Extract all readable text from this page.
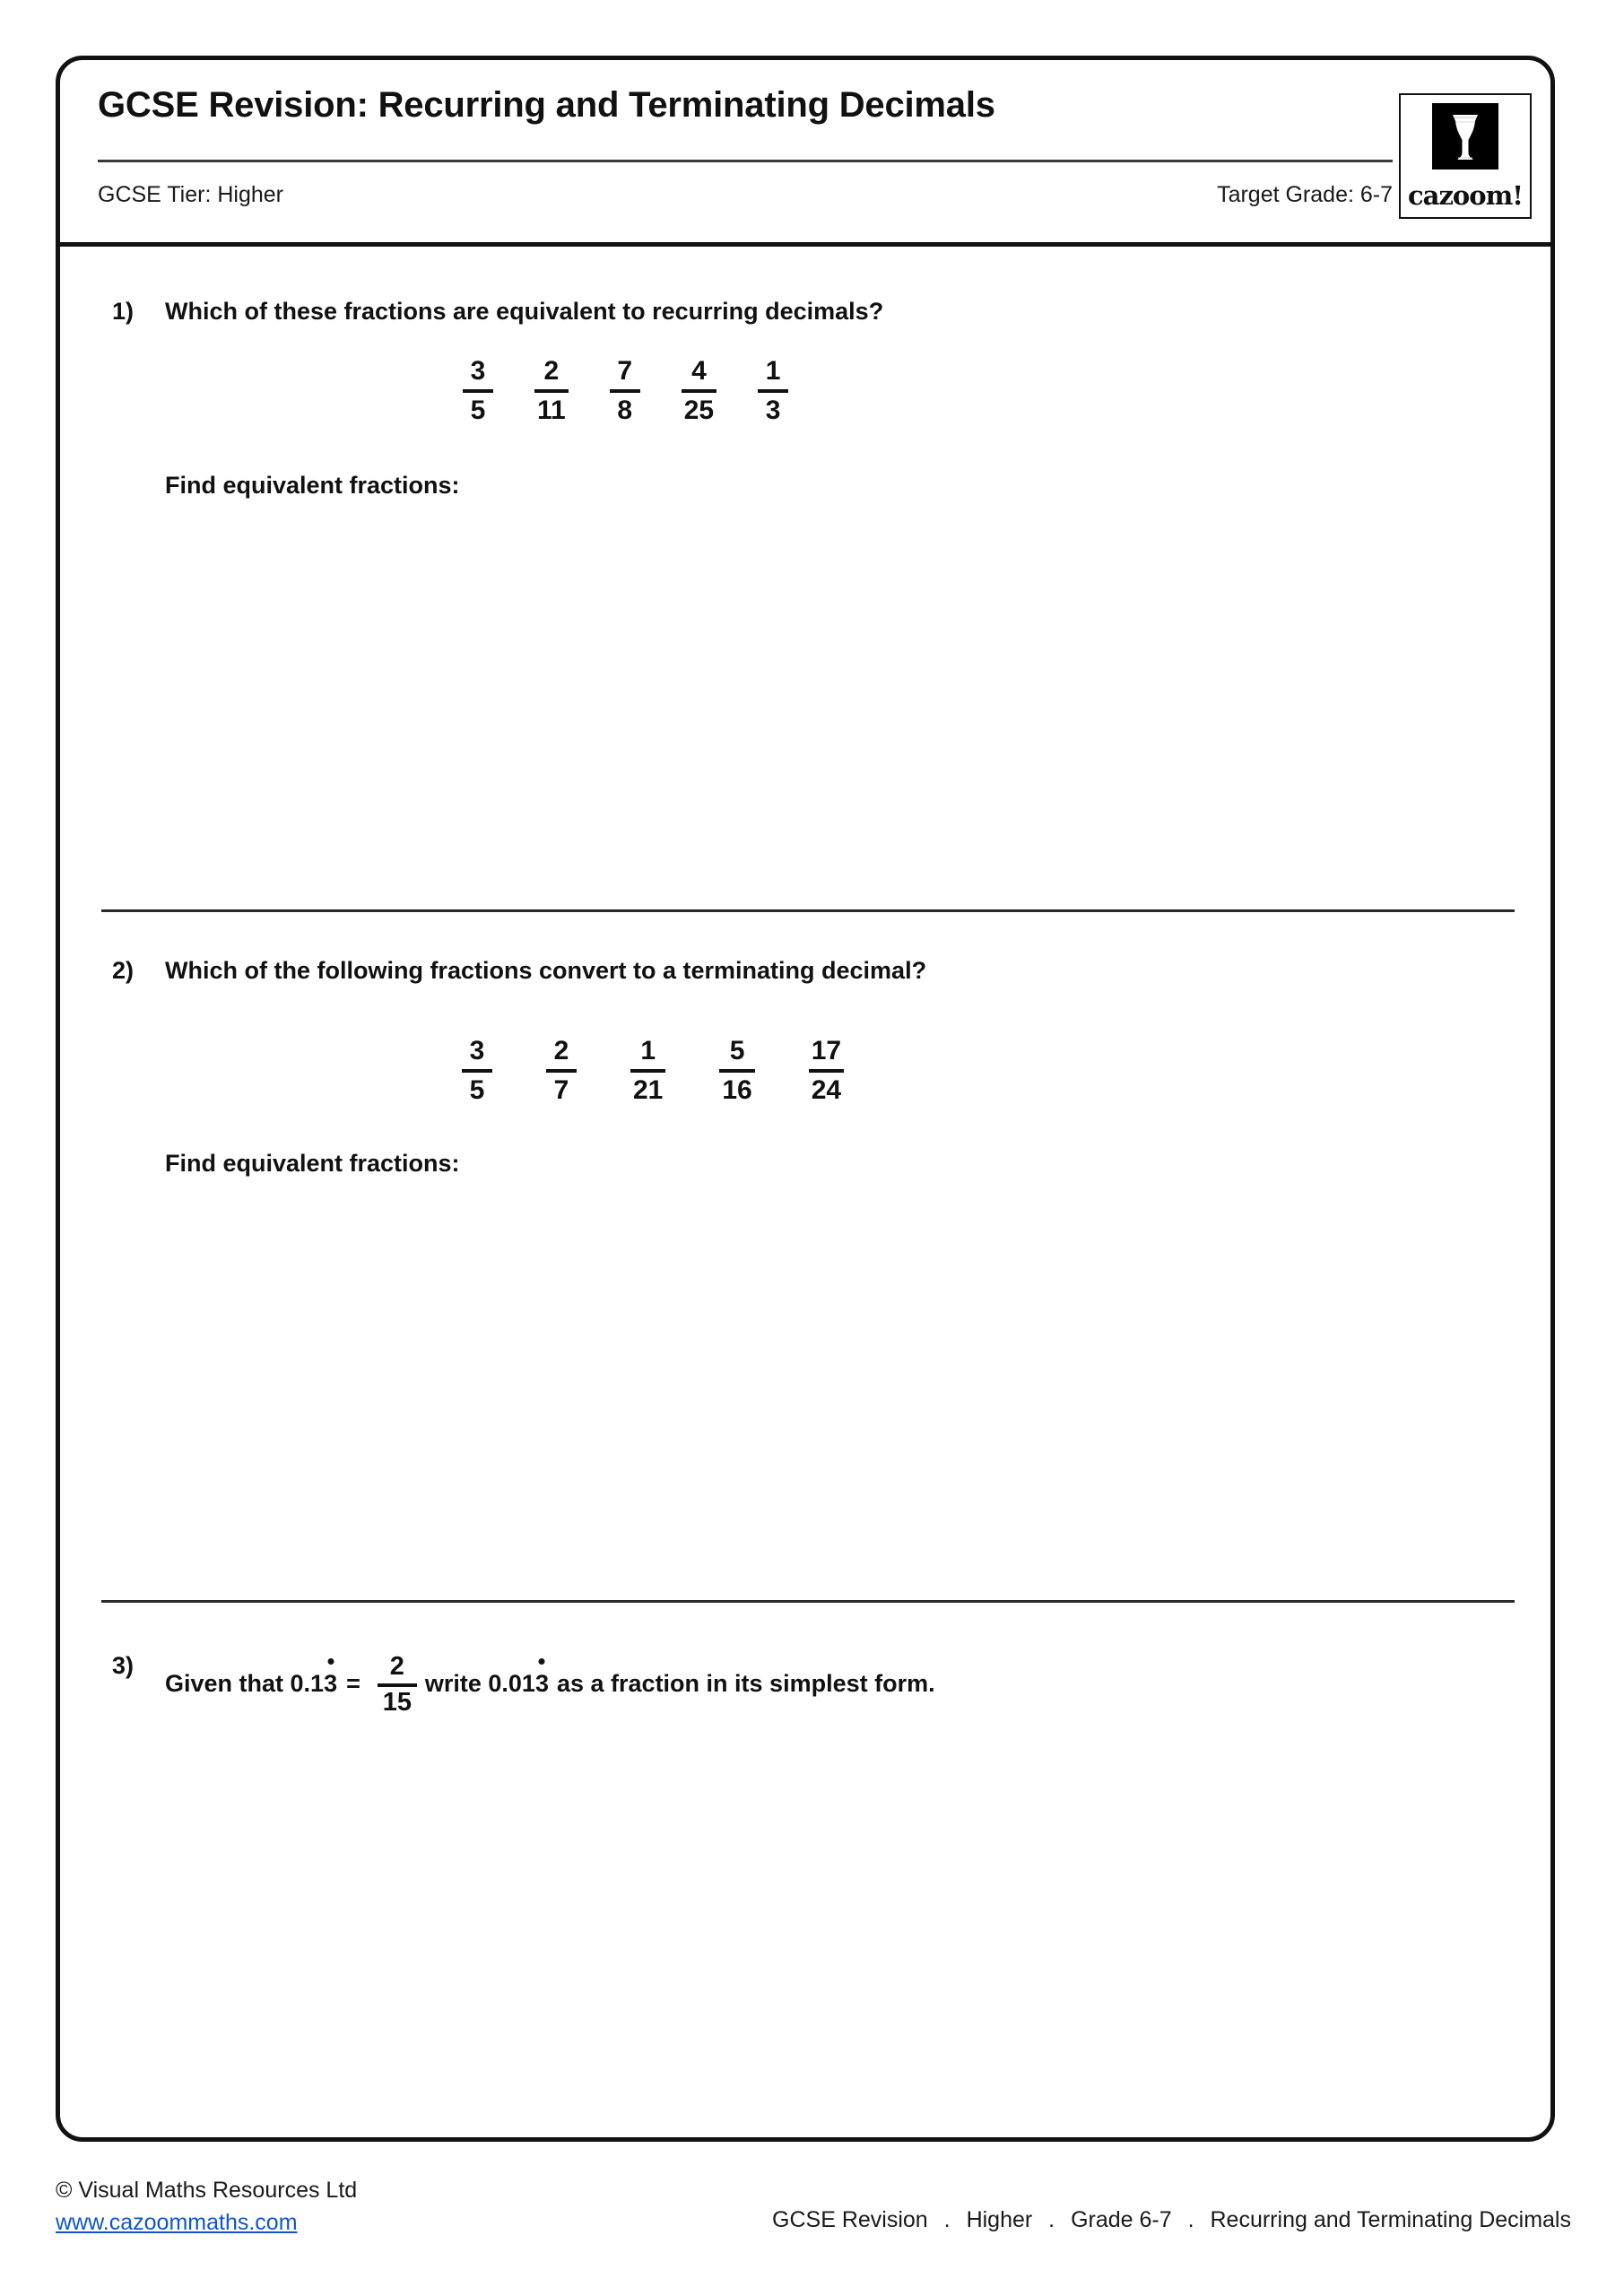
GCSE Revision: Recurring and Terminating Decimals
GCSE Tier: Higher	Target Grade: 6-7 cazoom!
1) Which of these fractions are equivalent to recurring decimals?
$\frac{3}{5} \frac{2}{11} \frac{7}{8} \frac{4}{25} \frac{1}{3}$
Find equivalent fractions:
2) Which of the following fractions convert to a terminating decimal?
$\frac{3}{5} \frac{2}{7} \frac{1}{21} \frac{5}{16} \frac{17}{24}$
Find equivalent fractions:
3)
Given that 0.1 $3 = \frac{2}{15}$ write 0.01 3 as a fraction in its simplest form.
© Visual Maths Resources Ltd
www.cazoommaths.com	GCSE Revision . Higher . Grade 6-7 . Recurring and Terminating Decimals
